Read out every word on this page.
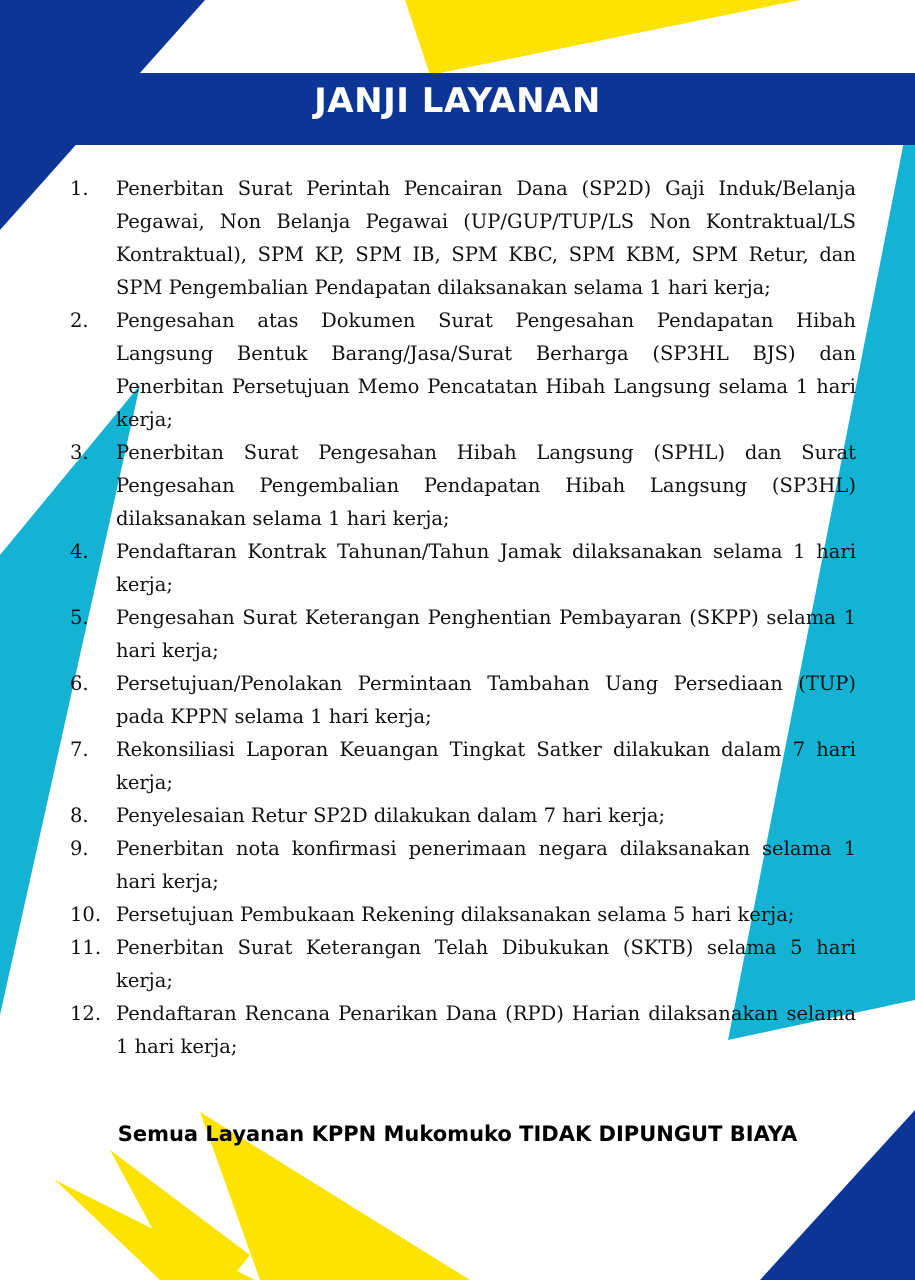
JANJI LAYANAN
1. Penerbitan Surat Perintah Pencairan Dana (SP2D) Gaji Induk/Belanja Pegawai, Non Belanja Pegawai (UP/GUP/TUP/LS Non Kontraktual/LS Kontraktual), SPM KP, SPM IB, SPM KBC, SPM KBM, SPM Retur, dan SPM Pengembalian Pendapatan dilaksanakan selama 1 hari kerja;
2. Pengesahan atas Dokumen Surat Pengesahan Pendapatan Hibah Langsung Bentuk Barang/Jasa/Surat Berharga (SP3HL BJS) dan Penerbitan Persetujuan Memo Pencatatan Hibah Langsung selama 1 hari kerja;
3. Penerbitan Surat Pengesahan Hibah Langsung (SPHL) dan Surat Pengesahan Pengembalian Pendapatan Hibah Langsung (SP3HL) dilaksanakan selama 1 hari kerja;
4. Pendaftaran Kontrak Tahunan/Tahun Jamak dilaksanakan selama 1 hari kerja;
5. Pengesahan Surat Keterangan Penghentian Pembayaran (SKPP) selama 1 hari kerja;
6. Persetujuan/Penolakan Permintaan Tambahan Uang Persediaan (TUP) pada KPPN selama 1 hari kerja;
7. Rekonsiliasi Laporan Keuangan Tingkat Satker dilakukan dalam 7 hari kerja;
8. Penyelesaian Retur SP2D dilakukan dalam 7 hari kerja;
9. Penerbitan nota konfirmasi penerimaan negara dilaksanakan selama 1 hari kerja;
10. Persetujuan Pembukaan Rekening dilaksanakan selama 5 hari kerja;
11. Penerbitan Surat Keterangan Telah Dibukukan (SKTB) selama 5 hari kerja;
12. Pendaftaran Rencana Penarikan Dana (RPD) Harian dilaksanakan selama 1 hari kerja;
Semua Layanan KPPN Mukomuko TIDAK DIPUNGUT BIAYA
